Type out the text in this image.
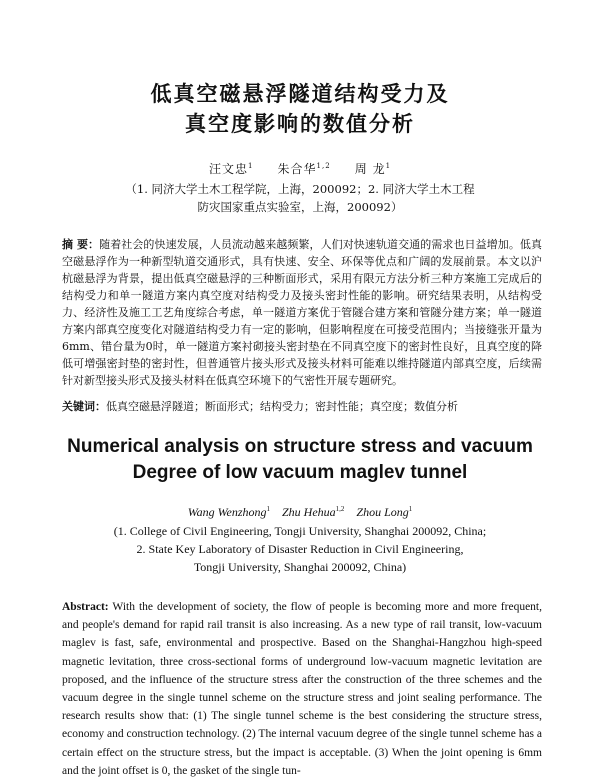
低真空磁悬浮隧道结构受力及
真空度影响的数值分析
汪文忠$^1$ 朱合华$^{1,2}$ 周 龙$^1$
（1. 同济大学土木工程学院，上海，200092；2. 同济大学土木工程
防灾国家重点实验室，上海，200092）
摘 要：随着社会的快速发展，人员流动越来越频繁，人们对快速轨道交通的需求也日益增加。低真空磁悬浮作为一种新型轨道交通形式，具有快速、安全、环保等优点和广阔的发展前景。本文以沪杭磁悬浮为背景，提出低真空磁悬浮的三种断面形式，采用有限元方法分析三种方案施工完成后的结构受力和单一隧道方案内真空度对结构受力及接头密封性能的影响。研究结果表明，从结构受力、经济性及施工工艺角度综合考虑，单一隧道方案优于管隧合建方案和管隧分建方案；单一隧道方案内部真空度变化对隧道结构受力有一定的影响，但影响程度在可接受范围内；当接缝张开量为6mm、错台量为0时，单一隧道方案衬砌接头密封垫在不同真空度下的密封性良好，且真空度的降低可增强密封垫的密封性，但普通管片接头形式及接头材料可能难以维持隧道内部真空度，后续需针对新型接头形式及接头材料在低真空环境下的气密性开展专题研究。
关键词：低真空磁悬浮隧道；断面形式；结构受力；密封性能；真空度；数值分析
Numerical analysis on structure stress and vacuum
Degree of low vacuum maglev tunnel
Wang Wenzhong$^1$ Zhu Hehua$^{1,2}$ Zhou Long$^1$
(1. College of Civil Engineering, Tongji University, Shanghai 200092, China;
2. State Key Laboratory of Disaster Reduction in Civil Engineering,
Tongji University, Shanghai 200092, China)
Abstract: With the development of society, the flow of people is becoming more and more frequent, and people's demand for rapid rail transit is also increasing. As a new type of rail transit, low-vacuum maglev is fast, safe, environmental and prospective. Based on the Shanghai-Hangzhou high-speed magnetic levitation, three cross-sectional forms of underground low-vacuum magnetic levitation are proposed, and the influence of the structure stress after the construction of the three schemes and the vacuum degree in the single tunnel scheme on the structure stress and joint sealing performance. The research results show that: (1) The single tunnel scheme is the best considering the structure stress, economy and construction technology. (2) The internal vacuum degree of the single tunnel scheme has a certain effect on the structure stress, but the impact is acceptable. (3) When the joint opening is 6mm and the joint offset is 0, the gasket of the single tun-
